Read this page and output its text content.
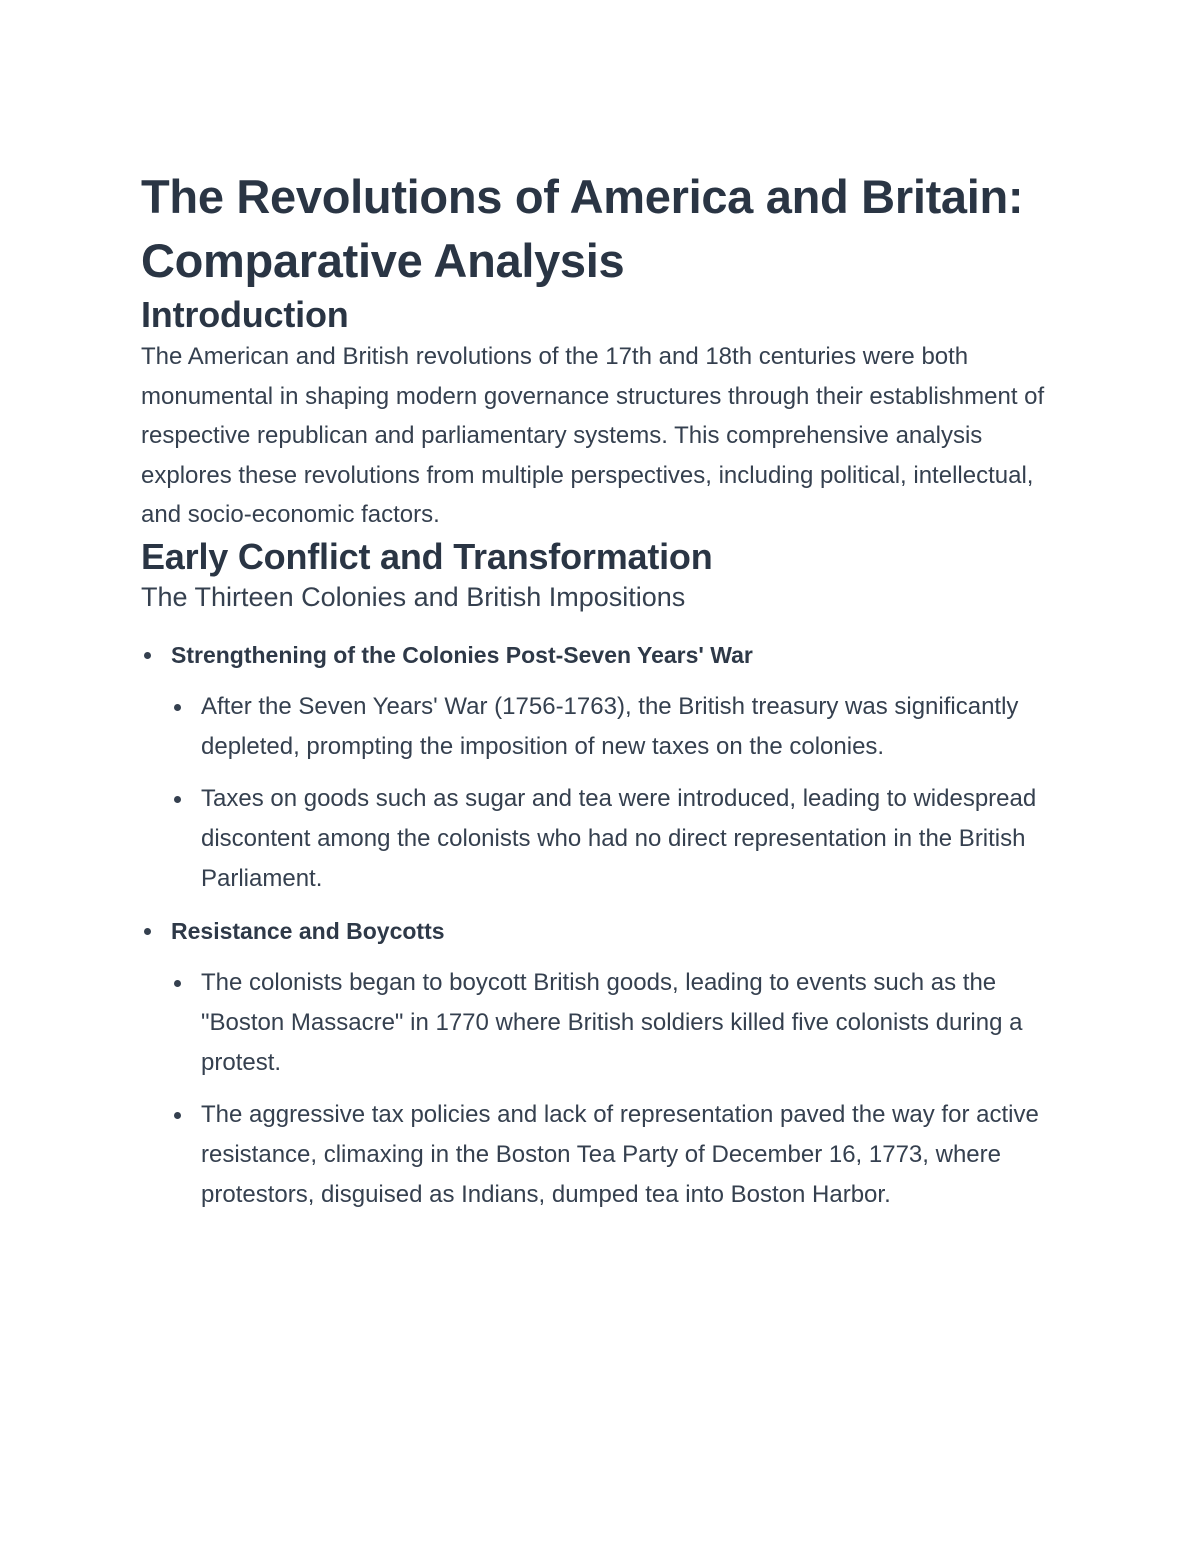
The Revolutions of America and Britain: Comparative Analysis
Introduction

The American and British revolutions of the 17th and 18th centuries were both monumental in shaping modern governance structures through their establishment of respective republican and parliamentary systems. This comprehensive analysis explores these revolutions from multiple perspectives, including political, intellectual, and socio-economic factors.

Early Conflict and Transformation
The Thirteen Colonies and British Impositions
Strengthening of the Colonies Post-Seven Years' War
After the Seven Years' War (1756-1763), the British treasury was significantly depleted, prompting the imposition of new taxes on the colonies.
Taxes on goods such as sugar and tea were introduced, leading to widespread discontent among the colonists who had no direct representation in the British Parliament.
Resistance and Boycotts
The colonists began to boycott British goods, leading to events such as the "Boston Massacre" in 1770 where British soldiers killed five colonists during a protest.
The aggressive tax policies and lack of representation paved the way for active resistance, climaxing in the Boston Tea Party of December 16, 1773, where protestors, disguised as Indians, dumped tea into Boston Harbor.
